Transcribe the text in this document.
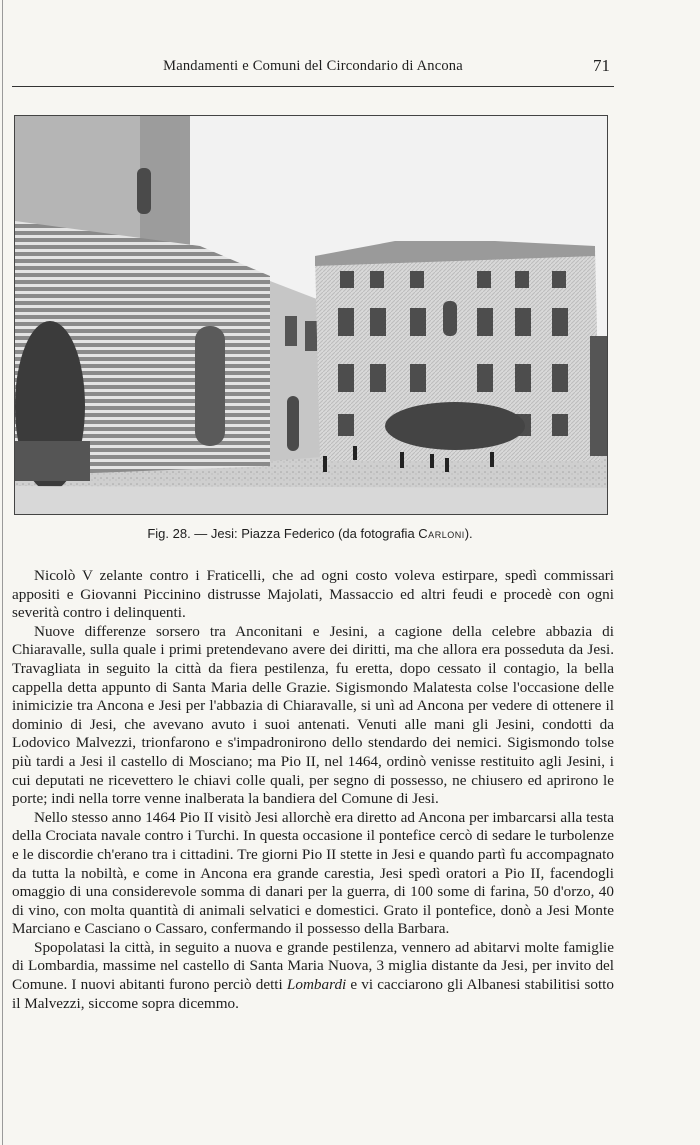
Mandamenti e Comuni del Circondario di Ancona	71
Fig. 28. — Jesi: Piazza Federico (da fotografia Carloni).

Nicolò V zelante contro i Fraticelli, che ad ogni costo voleva estirpare, spedì commissari appositi e Giovanni Piccinino distrusse Majolati, Massaccio ed altri feudi e procedè con ogni severità contro i delinquenti.

Nuove differenze sorsero tra Anconitani e Jesini, a cagione della celebre abbazia di Chiaravalle, sulla quale i primi pretendevano avere dei diritti, ma che allora era posseduta da Jesi. Travagliata in seguito la città da fiera pestilenza, fu eretta, dopo cessato il contagio, la bella cappella detta appunto di Santa Maria delle Grazie. Sigismondo Malatesta colse l'occasione delle inimicizie tra Ancona e Jesi per l'abbazia di Chiaravalle, si unì ad Ancona per vedere di ottenere il dominio di Jesi, che avevano avuto i suoi antenati. Venuti alle mani gli Jesini, condotti da Lodovico Malvezzi, trionfarono e s'impadronirono dello stendardo dei nemici. Sigismondo tolse più tardi a Jesi il castello di Mosciano; ma Pio II, nel 1464, ordinò venisse restituito agli Jesini, i cui deputati ne ricevettero le chiavi colle quali, per segno di possesso, ne chiusero ed aprirono le porte; indi nella torre venne inalberata la bandiera del Comune di Jesi.

Nello stesso anno 1464 Pio II visitò Jesi allorchè era diretto ad Ancona per imbarcarsi alla testa della Crociata navale contro i Turchi. In questa occasione il pontefice cercò di sedare le turbolenze e le discordie ch'erano tra i cittadini. Tre giorni Pio II stette in Jesi e quando partì fu accompagnato da tutta la nobiltà, e come in Ancona era grande carestia, Jesi spedì oratori a Pio II, facendogli omaggio di una considerevole somma di danari per la guerra, di 100 some di farina, 50 d'orzo, 40 di vino, con molta quantità di animali selvatici e domestici. Grato il pontefice, donò a Jesi Monte Marciano e Casciano o Cassaro, confermando il possesso della Barbara.

Spopolatasi la città, in seguito a nuova e grande pestilenza, vennero ad abitarvi molte famiglie di Lombardia, massime nel castello di Santa Maria Nuova, 3 miglia distante da Jesi, per invito del Comune. I nuovi abitanti furono perciò detti Lombardi e vi cacciarono gli Albanesi stabilitisi sotto il Malvezzi, siccome sopra dicemmo.
